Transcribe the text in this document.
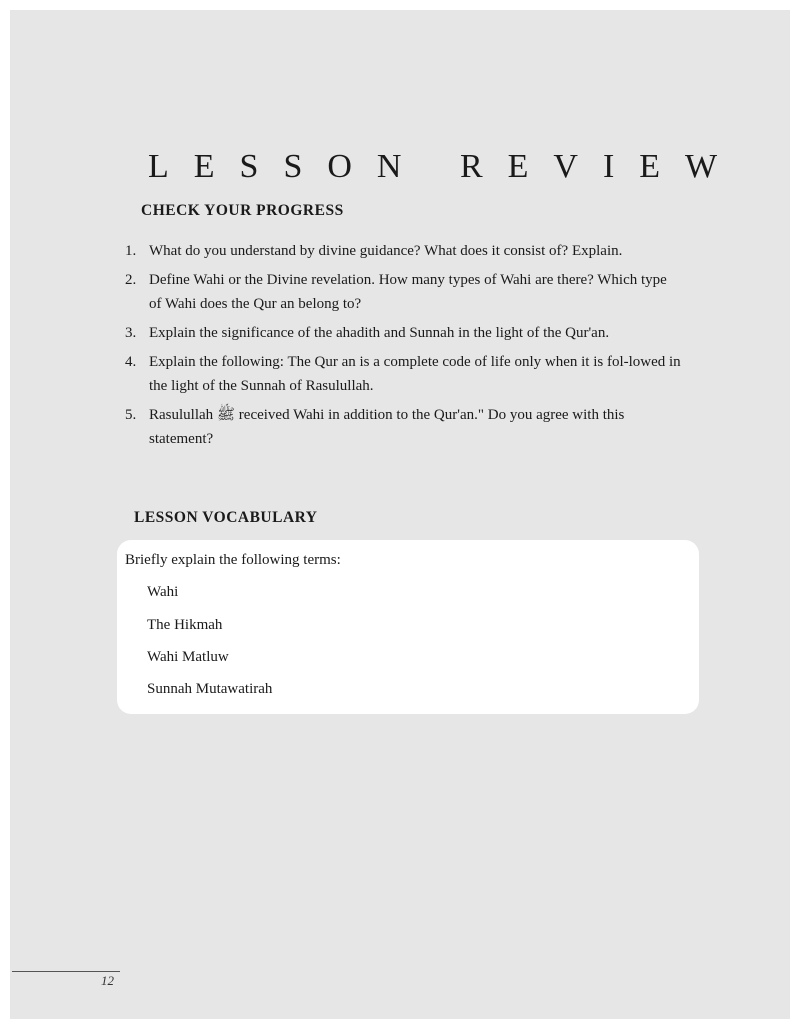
LESSON REVIEW
CHECK YOUR PROGRESS
1. What do you understand by divine guidance? What does it consist of? Explain.
2. Define Wahi or the Divine revelation. How many types of Wahi are there? Which type of Wahi does the Qur an belong to?
3. Explain the significance of the ahadith and Sunnah in the light of the Qur'an.
4. Explain the following: The Qur an is a complete code of life only when it is fol-lowed in the light of the Sunnah of Rasulullah.
5. Rasulullah ﷺ received Wahi in addition to the Qur'an." Do you agree with this statement?
LESSON VOCABULARY
Briefly explain the following terms:
Wahi
The Hikmah
Wahi Matluw
Sunnah Mutawatirah
12
